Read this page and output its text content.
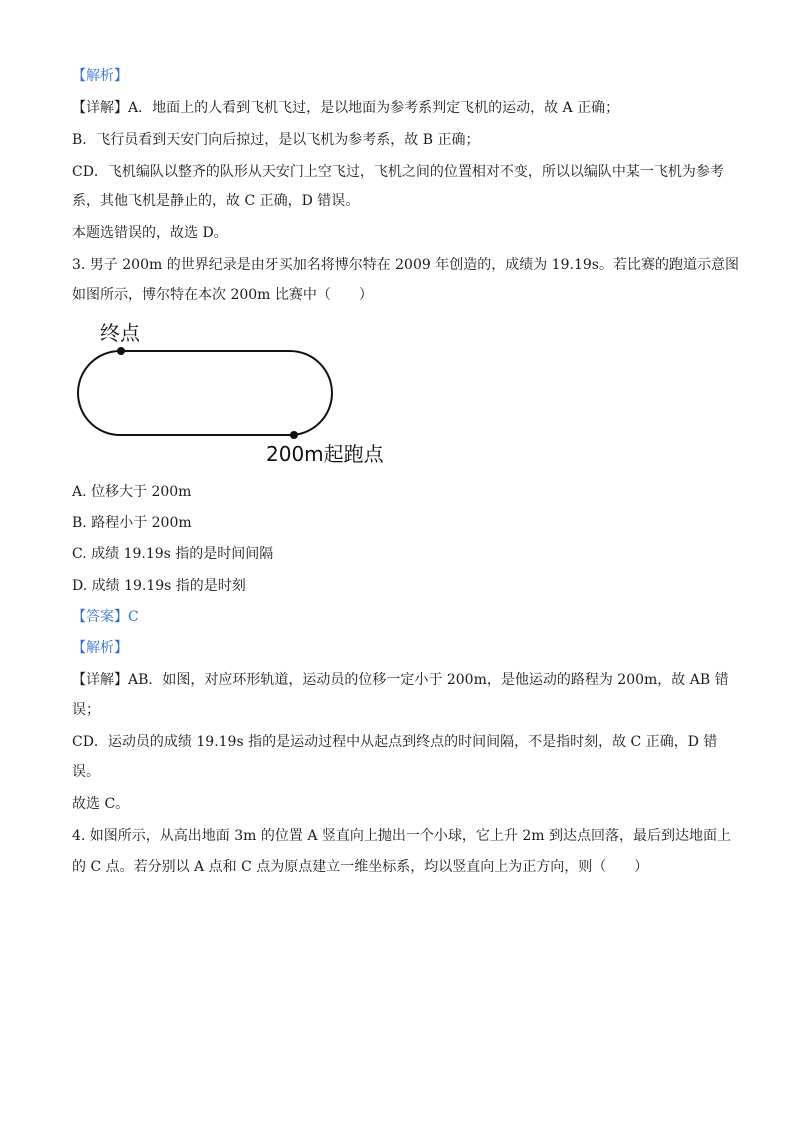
【解析】
【详解】A．地面上的人看到飞机飞过，是以地面为参考系判定飞机的运动，故 A 正确；
B．飞行员看到天安门向后掠过，是以飞机为参考系，故 B 正确；
CD．飞机编队以整齐的队形从天安门上空飞过，飞机之间的位置相对不变，所以以编队中某一飞机为参考
系，其他飞机是静止的，故 C 正确，D 错误。
本题选错误的，故选 D。
3. 男子 200m 的世界纪录是由牙买加名将博尔特在 2009 年创造的，成绩为 19.19s。若比赛的跑道示意图
如图所示，博尔特在本次 200m 比赛中（　　）
终点
200m起跑点
A. 位移大于 200m
B. 路程小于 200m
C. 成绩 19.19s 指的是时间间隔
D. 成绩 19.19s 指的是时刻
【答案】C
【解析】
【详解】AB．如图，对应环形轨道，运动员的位移一定小于 200m，是他运动的路程为 200m，故 AB 错
误；
CD．运动员的成绩 19.19s 指的是运动过程中从起点到终点的时间间隔，不是指时刻，故 C 正确，D 错
误。
故选 C。
4. 如图所示，从高出地面 3m 的位置 A 竖直向上抛出一个小球，它上升 2m 到达点回落，最后到达地面上
的 C 点。若分别以 A 点和 C 点为原点建立一维坐标系，均以竖直向上为正方向，则（　　）
